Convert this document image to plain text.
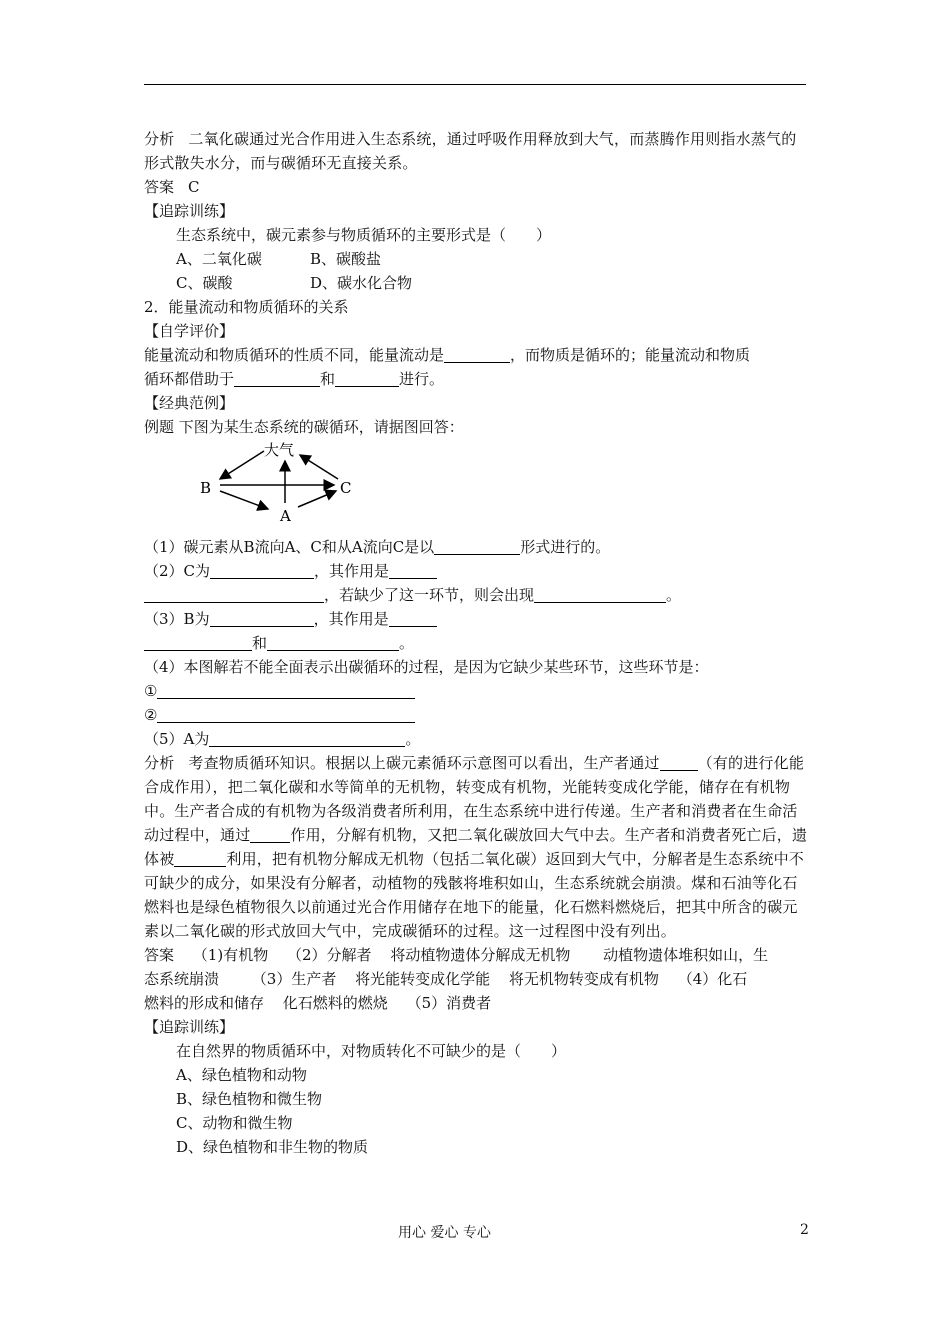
分析 二氧化碳通过光合作用进入生态系统，通过呼吸作用释放到大气，而蒸腾作用则指水蒸气的形式散失水分，而与碳循环无直接关系。
答案 C
【追踪训练】
生态系统中，碳元素参与物质循环的主要形式是（　　）
A、二氧化碳	B、碳酸盐
C、碳酸	D、碳水化合物
2．能量流动和物质循环的关系
【自学评价】
能量流动和物质循环的性质不同，能量流动是	，而物质是循环的；能量流动和物质
循环都借助于	和	进行。
【经典范例】
例题 下图为某生态系统的碳循环，请据图回答：
大气
B	C
A
（1）碳元素从B流向A、C和从A流向C是以	形式进行的。
（2）C为	，其作用是
，若缺少了这一环节，则会出现	。
（3）B为	，其作用是
和	。
（4）本图解若不能全面表示出碳循环的过程，是因为它缺少某些环节，这些环节是：
①
②
（5）A为	。
分析 考查物质循环知识。根据以上碳元素循环示意图可以看出，生产者通过	（有的进行化能合成作用），把二氧化碳和水等简单的无机物，转变成有机物，光能转变成化学能，储存在有机物中。生产者合成的有机物为各级消费者所利用，在生态系统中进行传递。生产者和消费者在生命活动过程中，通过	作用，分解有机物，又把二氧化碳放回大气中去。生产者和消费者死亡后，遗体被	利用，把有机物分解成无机物（包括二氧化碳）返回到大气中，分解者是生态系统中不可缺少的成分，如果没有分解者，动植物的残骸将堆积如山，生态系统就会崩溃。煤和石油等化石燃料也是绿色植物很久以前通过光合作用储存在地下的能量，化石燃料燃烧后，把其中所含的碳元素以二氧化碳的形式放回大气中，完成碳循环的过程。这一过程图中没有列出。
答案 （1)有机物 （2）分解者 将动植物遗体分解成无机物 动植物遗体堆积如山，生
态系统崩溃 （3）生产者 将光能转变成化学能 将无机物转变成有机物 （4）化石
燃料的形成和储存 化石燃料的燃烧 （5）消费者
【追踪训练】
在自然界的物质循环中，对物质转化不可缺少的是（　　）
A、绿色植物和动物
B、绿色植物和微生物
C、动物和微生物
D、绿色植物和非生物的物质
用心 爱心 专心	2
